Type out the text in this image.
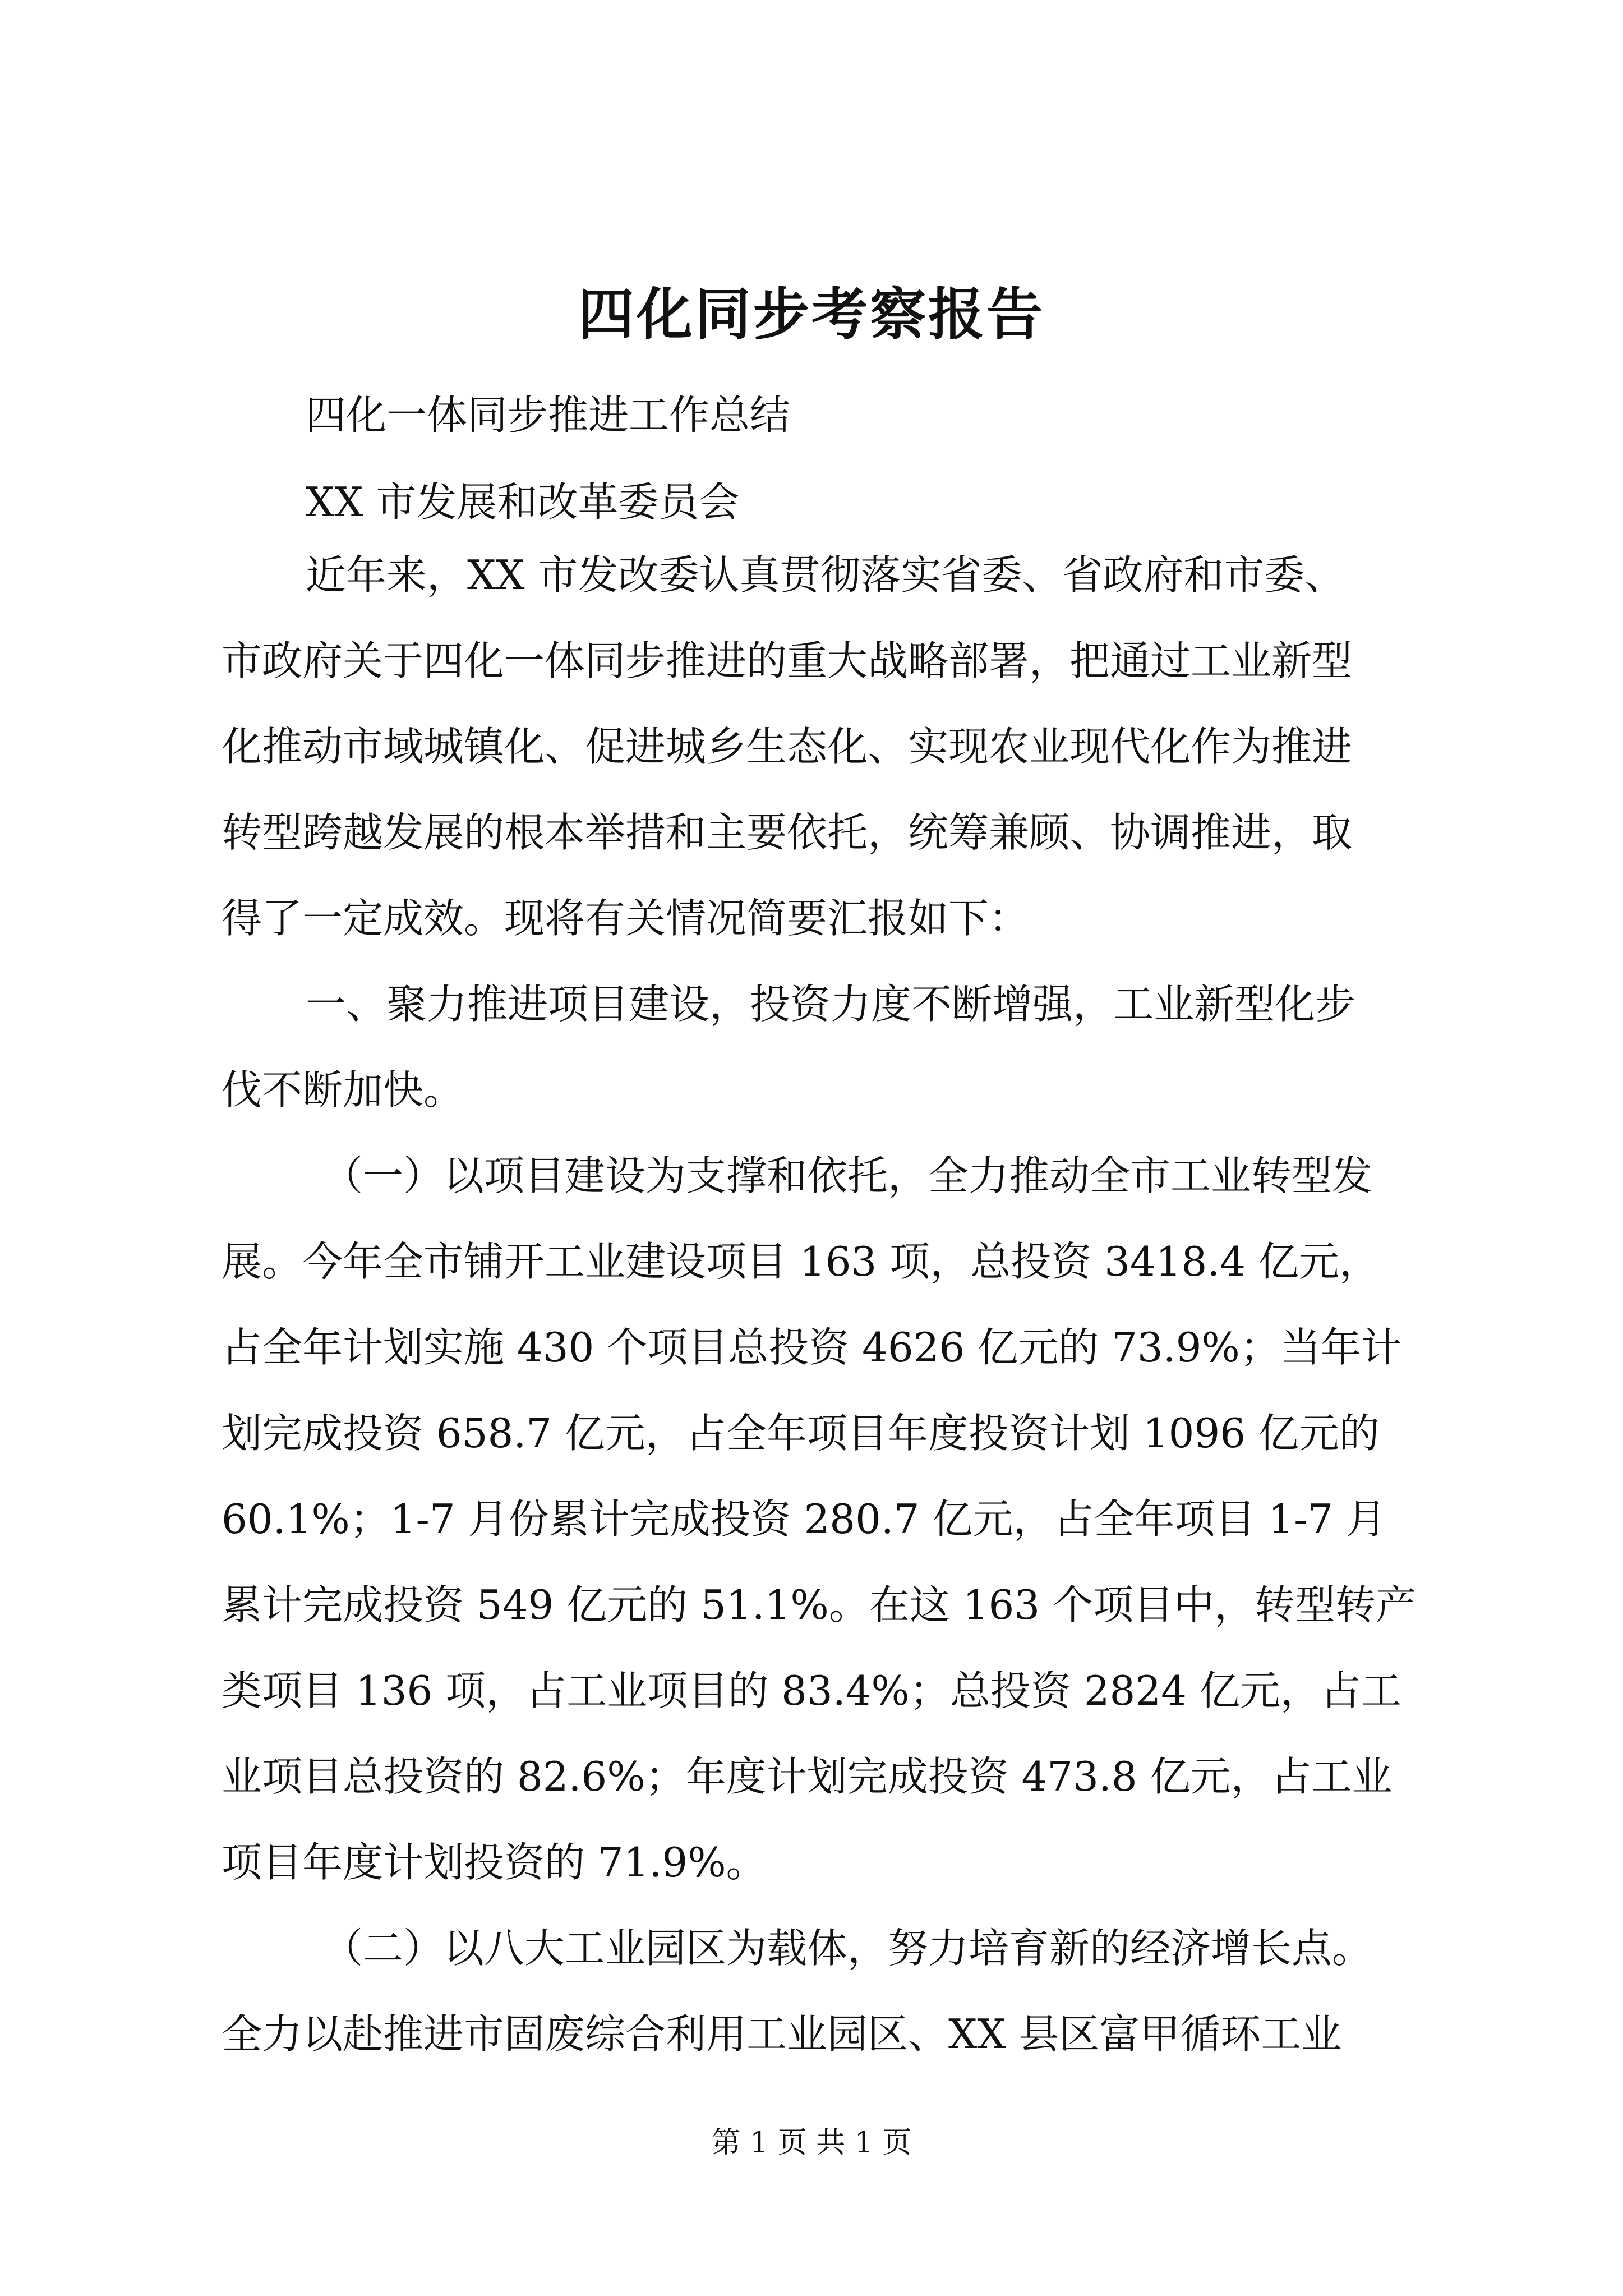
四化同步考察报告
四化一体同步推进工作总结
XX 市发展和改革委员会
近年来，XX 市发改委认真贯彻落实省委、省政府和市委、
市政府关于四化一体同步推进的重大战略部署，把通过工业新型
化推动市域城镇化、促进城乡生态化、实现农业现代化作为推进
转型跨越发展的根本举措和主要依托，统筹兼顾、协调推进，取
得了一定成效。现将有关情况简要汇报如下：
一、聚力推进项目建设，投资力度不断增强，工业新型化步
伐不断加快。
（一）以项目建设为支撑和依托，全力推动全市工业转型发
展。今年全市铺开工业建设项目 163 项，总投资 3418.4 亿元，
占全年计划实施 430 个项目总投资 4626 亿元的 73.9%；当年计
划完成投资 658.7 亿元，占全年项目年度投资计划 1096 亿元的
60.1%；1-7 月份累计完成投资 280.7 亿元，占全年项目 1-7 月
累计完成投资 549 亿元的 51.1%。在这 163 个项目中，转型转产
类项目 136 项，占工业项目的 83.4%；总投资 2824 亿元，占工
业项目总投资的 82.6%；年度计划完成投资 473.8 亿元，占工业
项目年度计划投资的 71.9%。
（二）以八大工业园区为载体，努力培育新的经济增长点。
全力以赴推进市固废综合利用工业园区、XX 县区富甲循环工业
第 1 页 共 1 页
